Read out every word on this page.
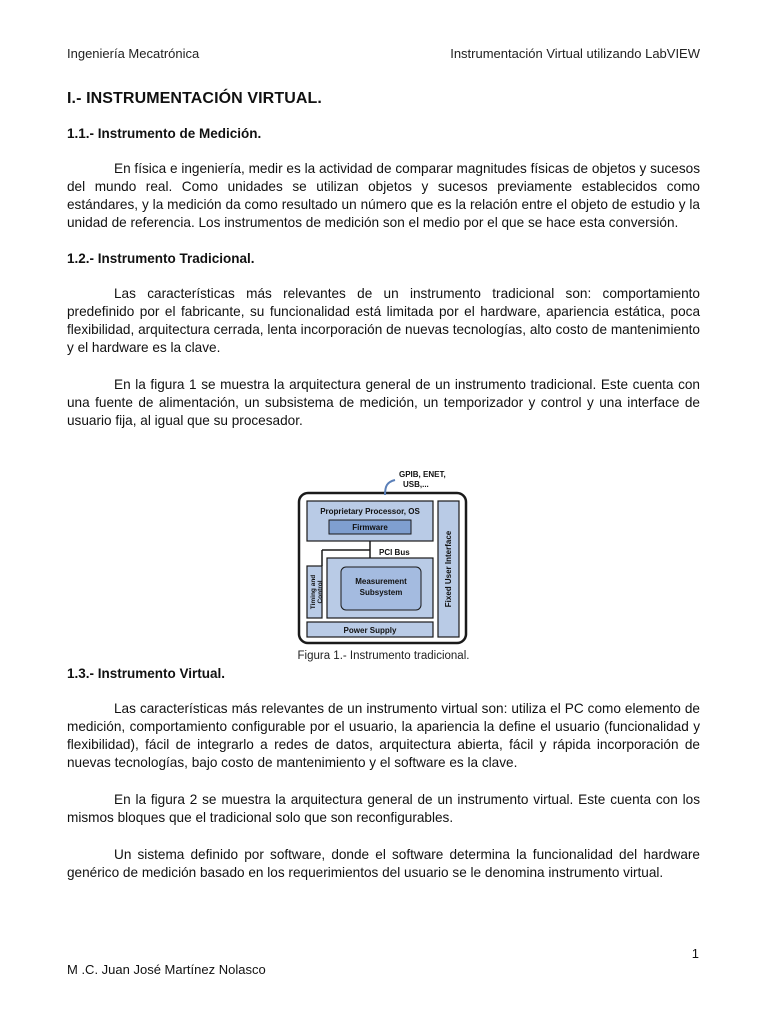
Ingeniería Mecatrónica	Instrumentación Virtual utilizando LabVIEW
I.- INSTRUMENTACIÓN VIRTUAL.
1.1.- Instrumento de Medición.

En física e ingeniería, medir es la actividad de comparar magnitudes físicas de objetos y sucesos del mundo real. Como unidades se utilizan objetos y sucesos previamente establecidos como estándares, y la medición da como resultado un número que es la relación entre el objeto de estudio y la unidad de referencia. Los instrumentos de medición son el medio por el que se hace esta conversión.

1.2.- Instrumento Tradicional.

Las características más relevantes de un instrumento tradicional son: comportamiento predefinido por el fabricante, su funcionalidad está limitada por el hardware, apariencia estática, poca flexibilidad, arquitectura cerrada, lenta incorporación de nuevas tecnologías, alto costo de mantenimiento y el hardware es la clave.

En la figura 1 se muestra la arquitectura general de un instrumento tradicional. Este cuenta con una fuente de alimentación, un subsistema de medición, un temporizador y control y una interface de usuario fija, al igual que su procesador.

1.3.- Instrumento Virtual.

Las características más relevantes de un instrumento virtual son: utiliza el PC como elemento de medición, comportamiento configurable por el usuario, la apariencia la define el usuario (funcionalidad y flexibilidad), fácil de integrarlo a redes de datos, arquitectura abierta, fácil y rápida incorporación de nuevas tecnologías, bajo costo de mantenimiento y el software es la clave.

En la figura 2 se muestra la arquitectura general de un instrumento virtual. Este cuenta con los mismos bloques que el tradicional solo que son reconfigurables.

Un sistema definido por software, donde el software determina la funcionalidad del hardware genérico de medición basado en los requerimientos del usuario se le denomina instrumento virtual.

GPIB, ENET,
USB,...
Proprietary Processor, OS
Firmware
PCI Bus
Timing and Control	Measurement
Subsystem
Power Supply
Fixed User Interface
Figura 1.- Instrumento tradicional.
1
M .C. Juan José Martínez Nolasco
